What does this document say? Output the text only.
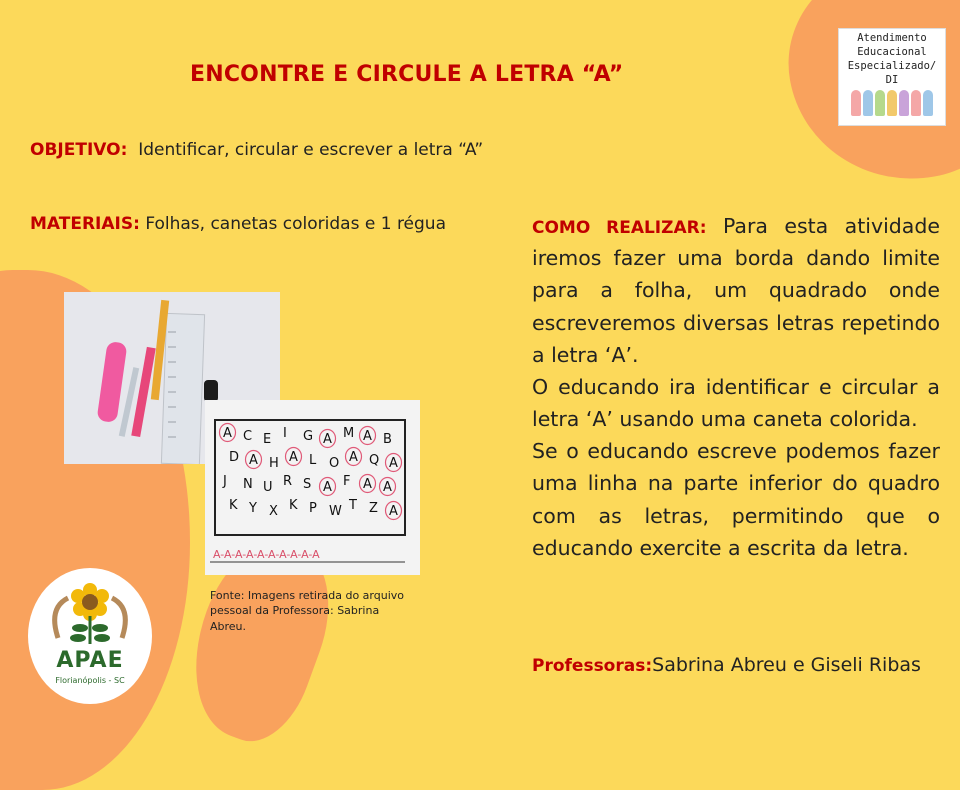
Atendimento
Educacional
Especializado/ DI
ENCONTRE E CIRCULE A LETRA “A”
OBJETIVO: Identificar, circular e escrever a letra “A”
MATERIAIS: Folhas, canetas coloridas e 1 régua	COMO REALIZAR: Para esta atividade iremos fazer uma borda dando limite para a folha, um quadrado onde escreveremos diversas letras repetindo a letra ‘A’.

O educando ira identificar e circular a letra ‘A’ usando uma caneta colorida.

Se o educando escreve podemos fazer uma linha na parte inferior do quadro com as letras, permitindo que o educando exercite a escrita da letra.

Professoras:Sabrina Abreu e Giseli Ribas
A C E I G A M A B
D A H A L O A Q A
J N U R S A F A A
K Y X K P W T Z A
A-A-A-A-A-A-A-A-A-A
Fonte: Imagens retirada do arquivo pessoal da Professora: Sabrina Abreu.
APAE
Florianópolis - SC
